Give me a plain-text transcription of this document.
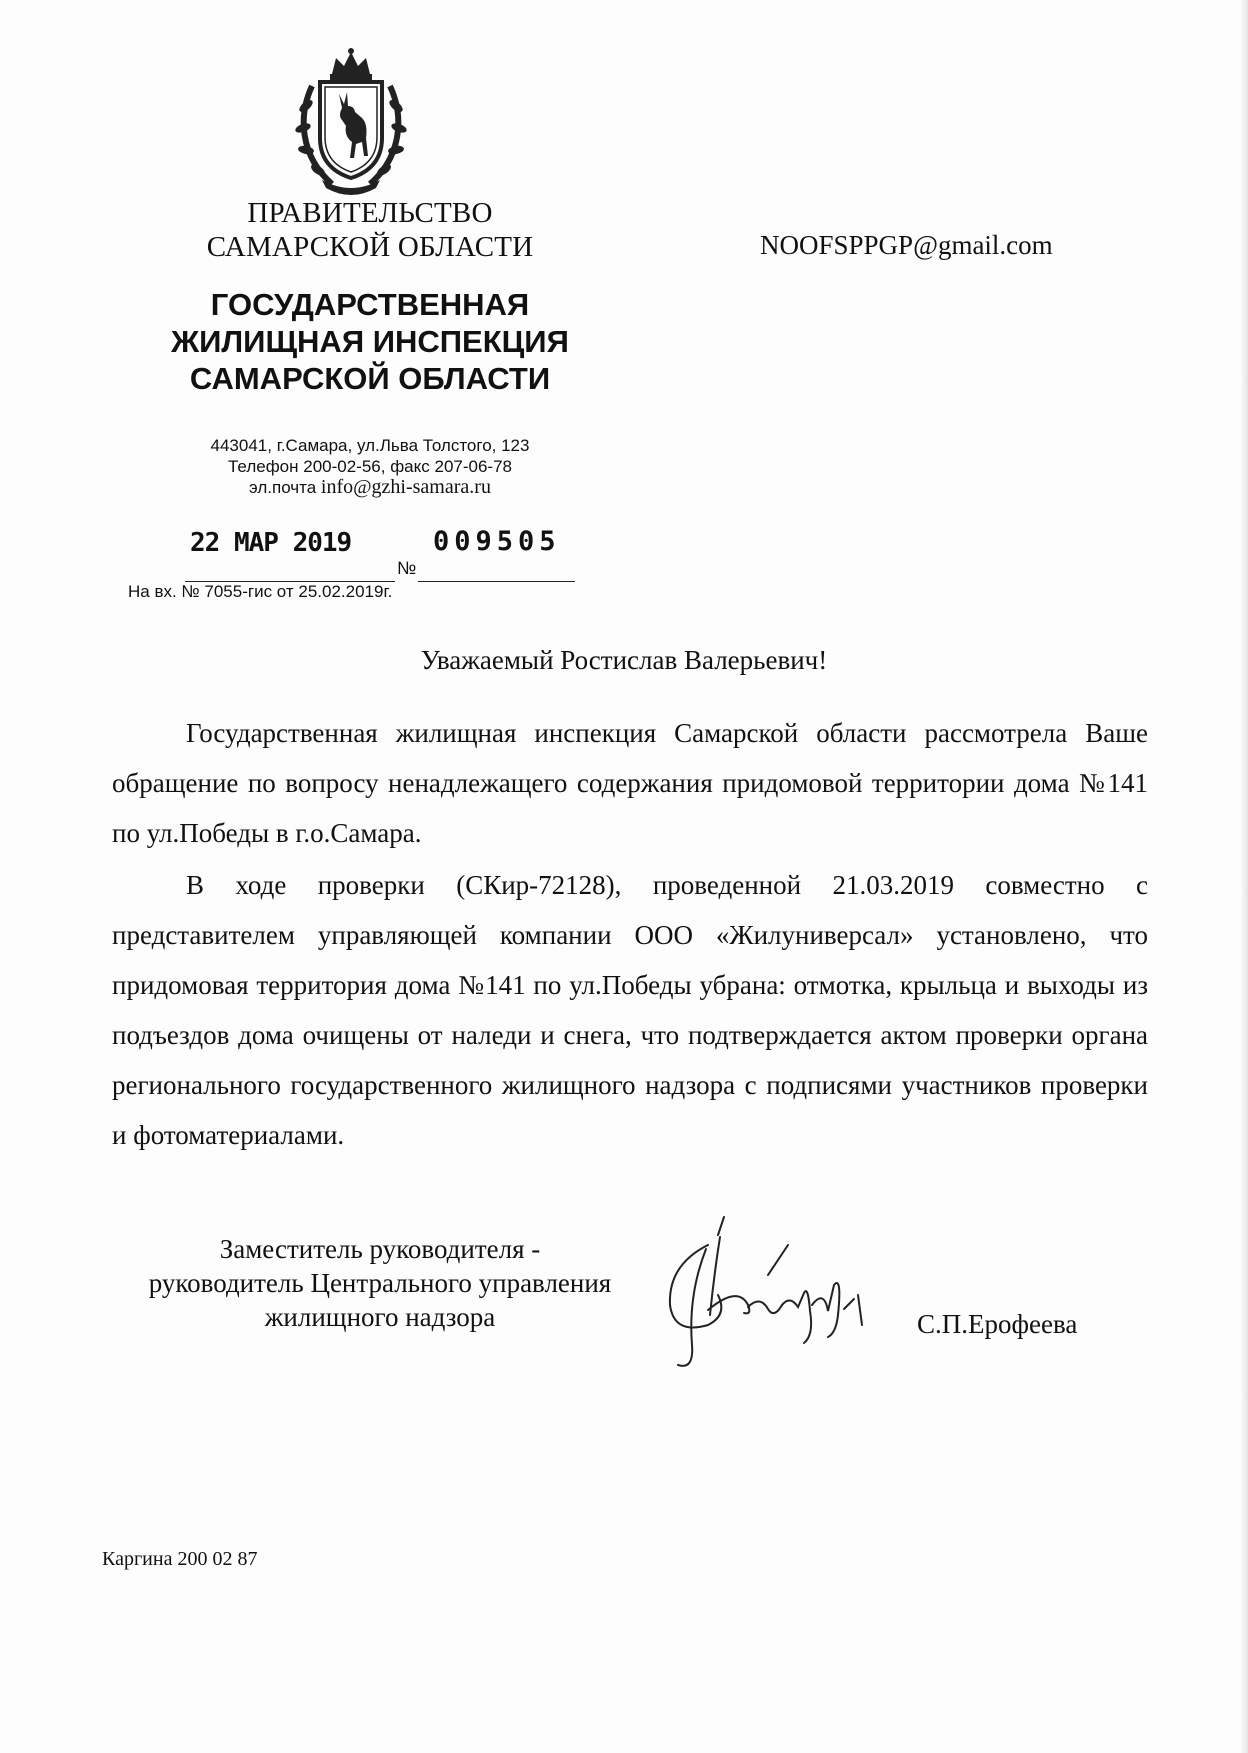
ПРАВИТЕЛЬСТВО
САМАРСКОЙ ОБЛАСТИ
ГОСУДАРСТВЕННАЯ
ЖИЛИЩНАЯ ИНСПЕКЦИЯ
САМАРСКОЙ ОБЛАСТИ
443041, г.Самара, ул.Льва Толстого, 123
Телефон 200-02-56, факс 207-06-78
эл.почта info@gzhi-samara.ru
22 МАР 2019	009505
№
На вх. № 7055-гис от 25.02.2019г.
NOOFSPPGP@gmail.com
Уважаемый Ростислав Валерьевич!

Государственная жилищная инспекция Самарской области рассмотрела Ваше обращение по вопросу ненадлежащего содержания придомовой территории дома №141 по ул.Победы в г.о.Самара.

В ходе проверки (СКир-72128), проведенной 21.03.2019 совместно с представителем управляющей компании ООО «Жилуниверсал» установлено, что придомовая территория дома №141 по ул.Победы убрана: отмотка, крыльца и выходы из подъездов дома очищены от наледи и снега, что подтверждается актом проверки органа регионального государственного жилищного надзора с подписями участников проверки и фотоматериалами.

Заместитель руководителя -
руководитель Центрального управления
жилищного надзора	С.П.Ерофеева
Каргина 200 02 87
